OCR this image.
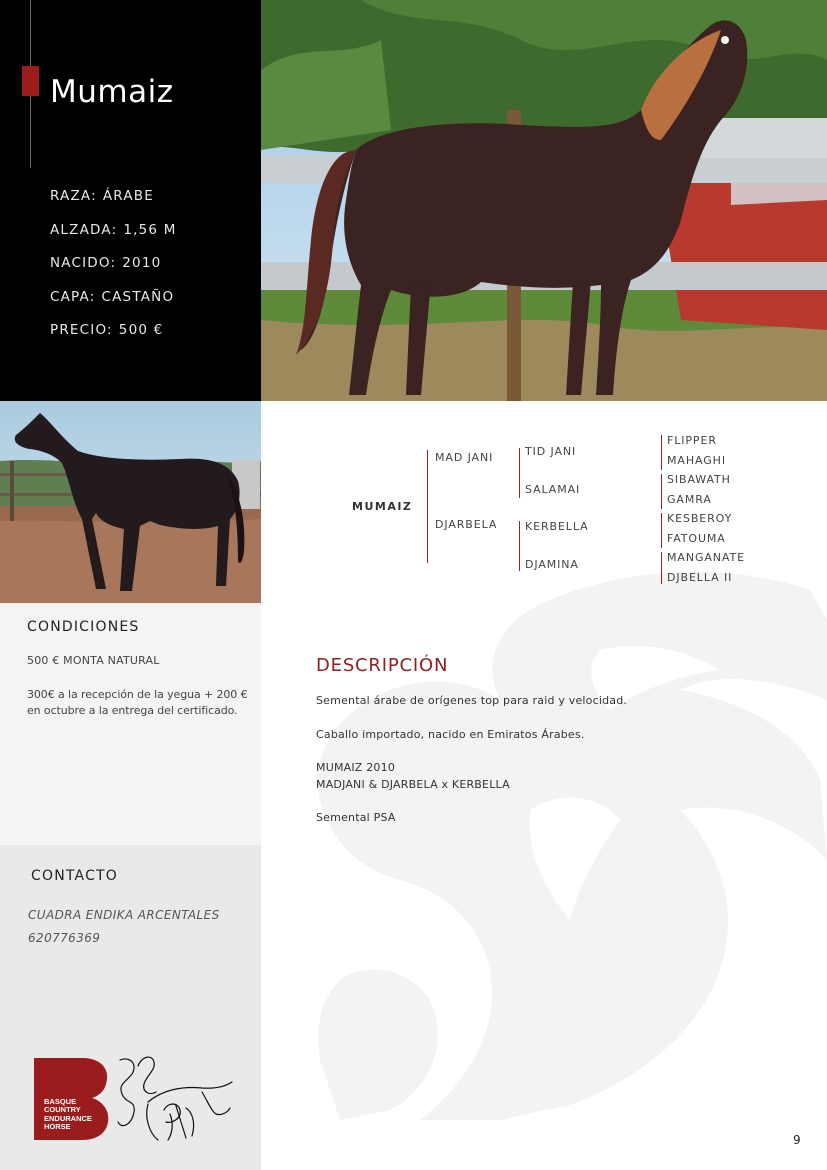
Mumaiz
RAZA: ÁRABE
ALZADA: 1,56 M
NACIDO: 2010
CAPA: CASTAÑO
PRECIO: 500 €
MUMAIZ
MAD JANI
DJARBELA
TID JANI
SALAMAI
KERBELLA
DJAMINA
FLIPPER
MAHAGHI
SIBAWATH
GAMRA
KESBEROY
FATOUMA
MANGANATE
DJBELLA II
CONDICIONES
500 € MONTA NATURAL
300€ a la recepción de la yegua + 200 € en octubre a la entrega del certificado.
CONTACTO
CUADRA ENDIKA ARCENTALES
620776369
BASQUE
COUNTRY
ENDURANCE
HORSE
DESCRIPCIÓN
Semental árabe de orígenes top para raid y velocidad.
Caballo importado, nacido en Emiratos Árabes.
MUMAIZ 2010
MADJANI & DJARBELA x KERBELLA
Semental PSA
9
